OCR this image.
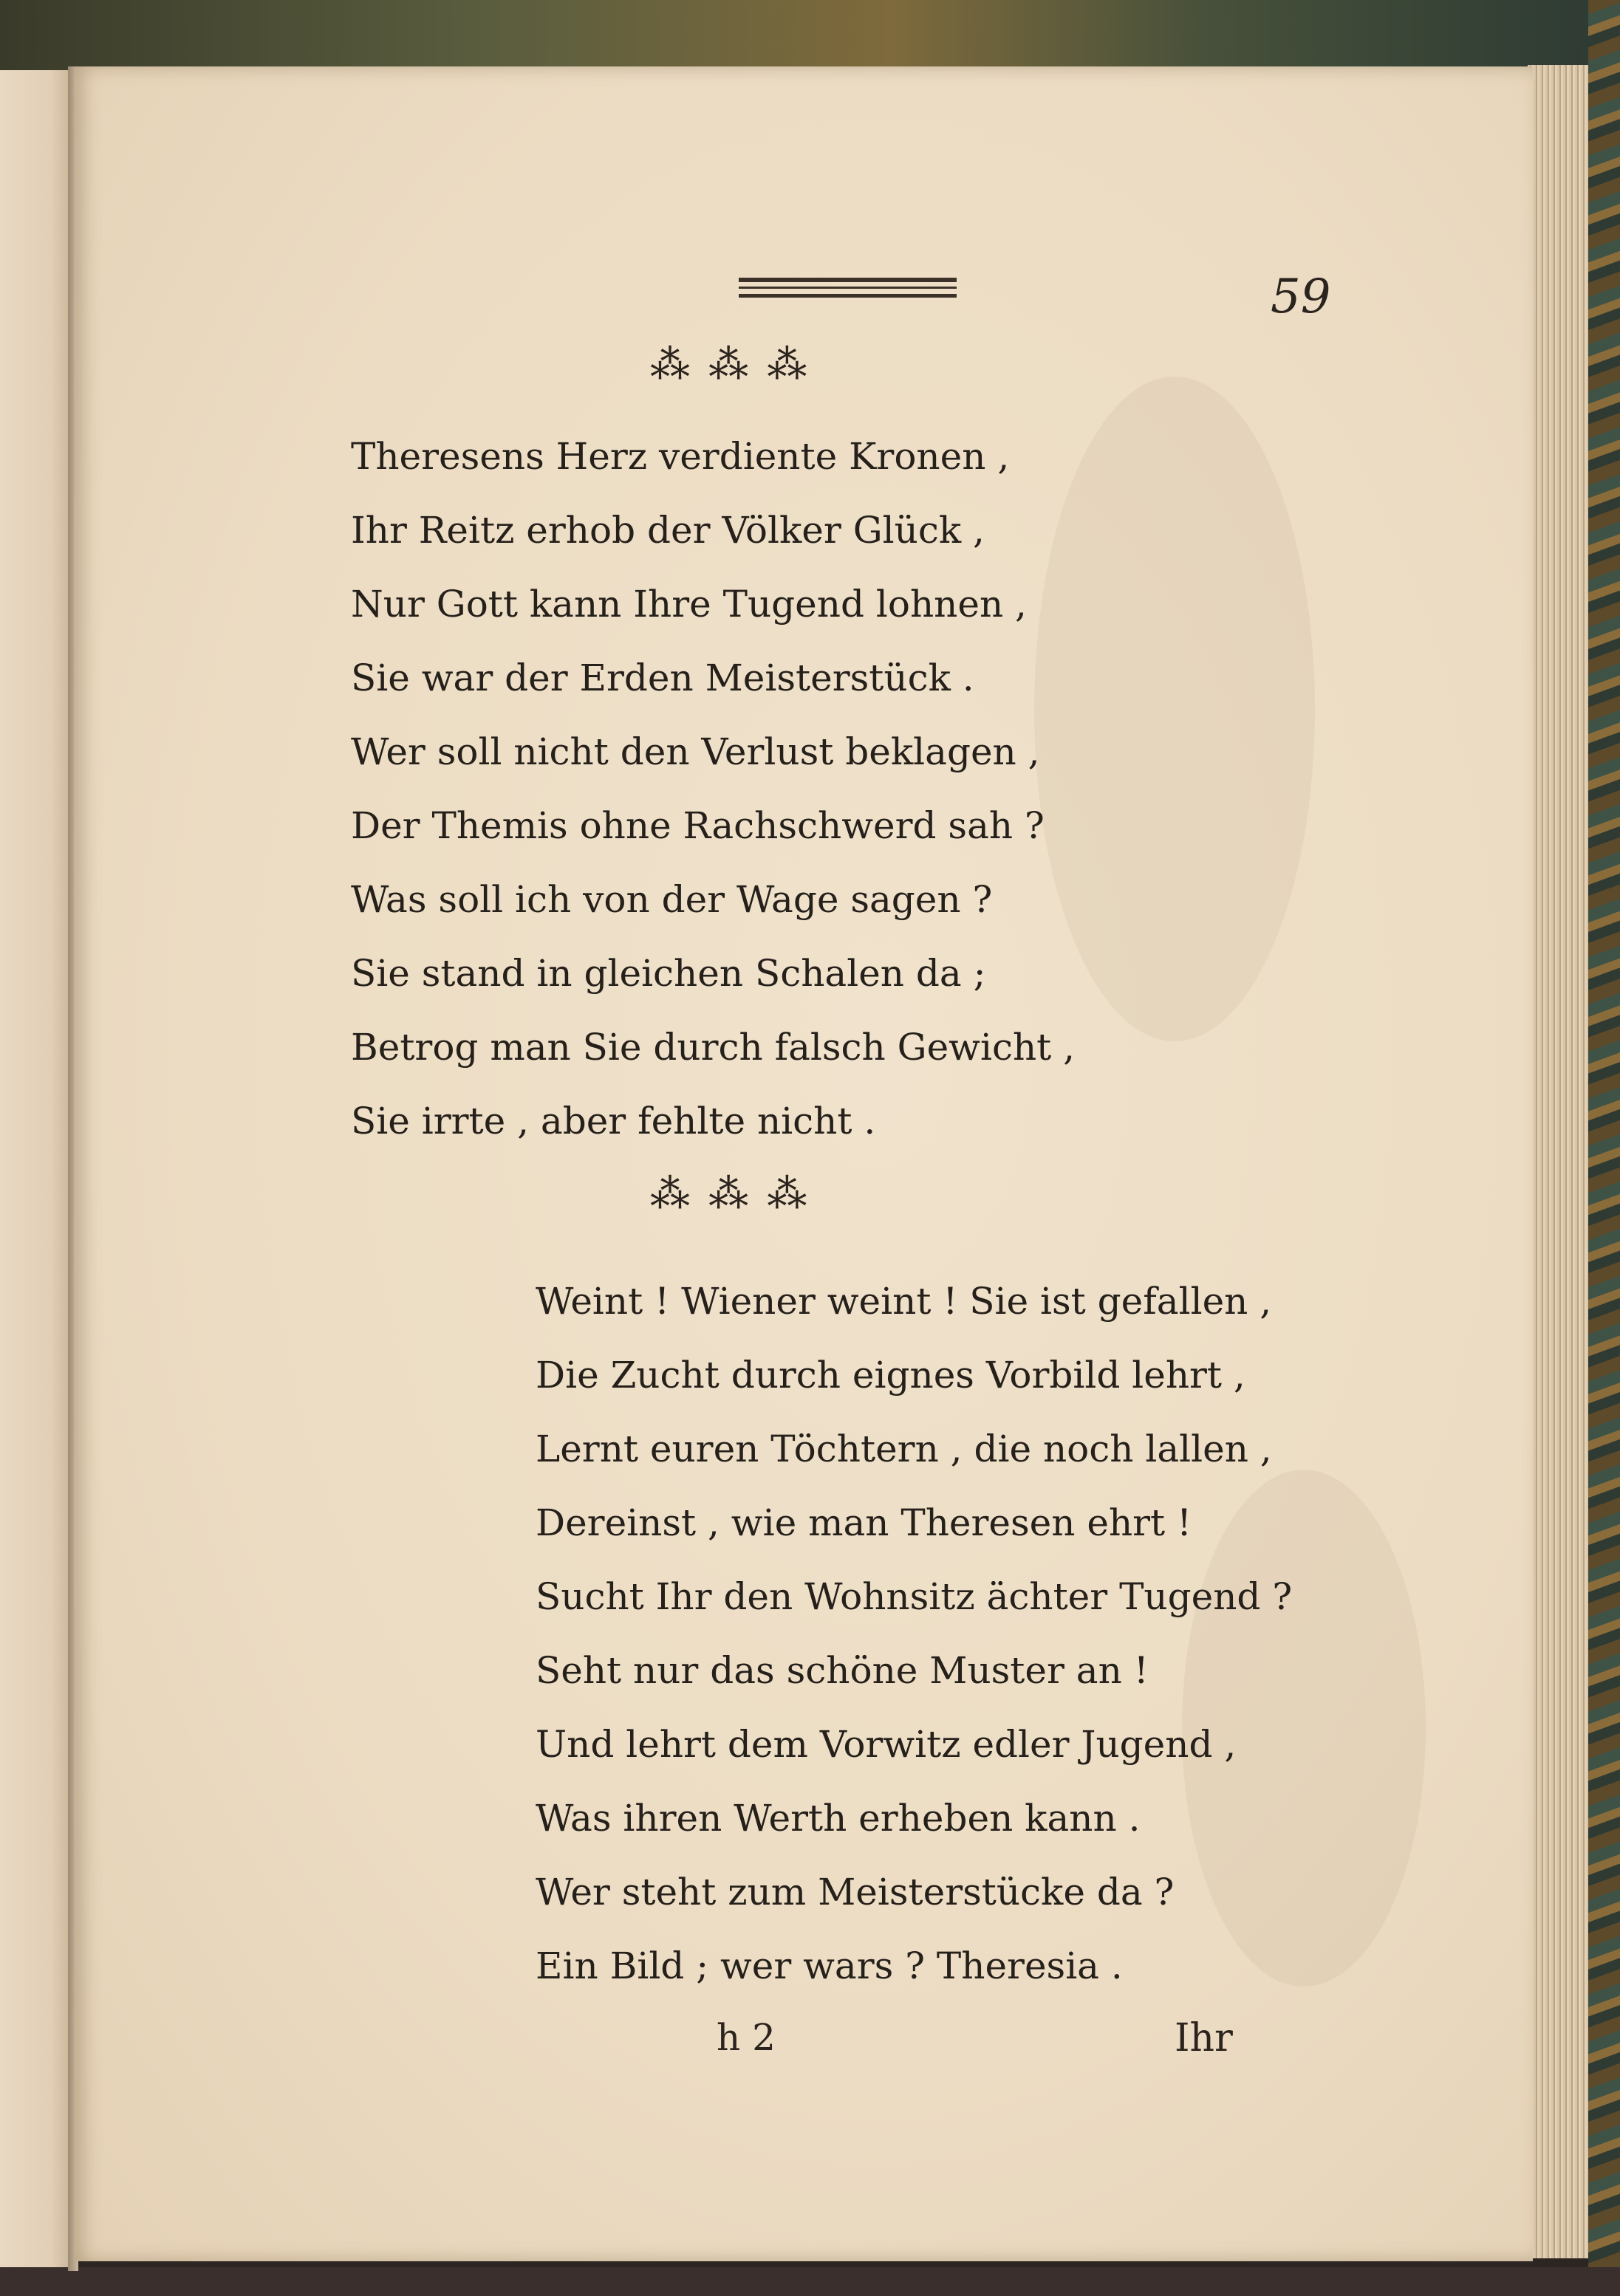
59
⁂ ⁂ ⁂
Theresens Herz verdiente Kronen ,
Ihr Reitz erhob der Völker Glück ,
Nur Gott kann Ihre Tugend lohnen ,
Sie war der Erden Meisterstück .
Wer soll nicht den Verlust beklagen ,
Der Themis ohne Rachschwerd sah ?
Was soll ich von der Wage sagen ?
Sie stand in gleichen Schalen da ;
Betrog man Sie durch falsch Gewicht ,
Sie irrte , aber fehlte nicht .
⁂ ⁂ ⁂
Weint ! Wiener weint ! Sie ist gefallen ,
Die Zucht durch eignes Vorbild lehrt ,
Lernt euren Töchtern , die noch lallen ,
Dereinst , wie man Theresen ehrt !
Sucht Ihr den Wohnsitz ächter Tugend ?
Seht nur das schöne Muster an !
Und lehrt dem Vorwitz edler Jugend ,
Was ihren Werth erheben kann .
Wer steht zum Meisterstücke da ?
Ein Bild ; wer wars ? Theresia .
h 2	Ihr
